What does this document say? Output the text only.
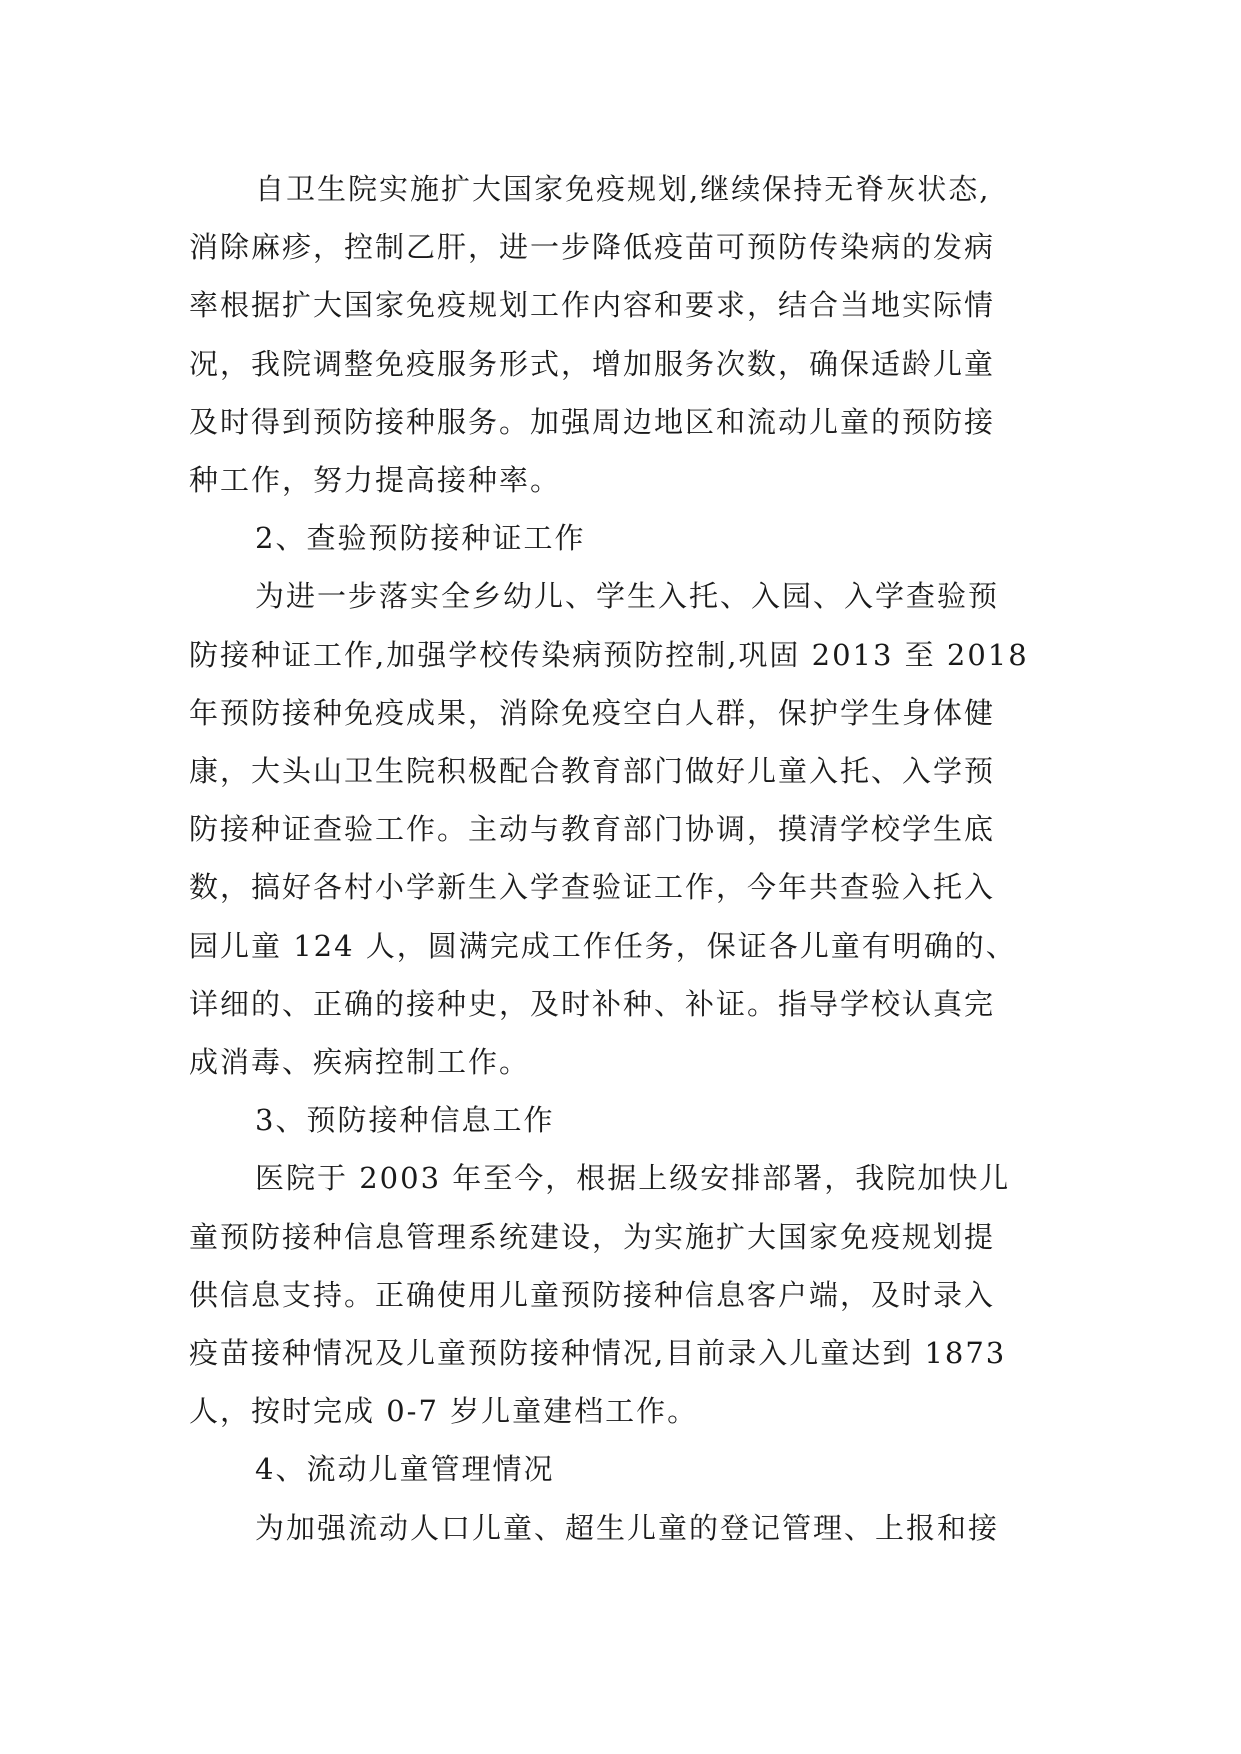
自卫生院实施扩大国家免疫规划,继续保持无脊灰状态,
消除麻疹，控制乙肝，进一步降低疫苗可预防传染病的发病
率根据扩大国家免疫规划工作内容和要求，结合当地实际情
况，我院调整免疫服务形式，增加服务次数，确保适龄儿童
及时得到预防接种服务。加强周边地区和流动儿童的预防接
种工作，努力提高接种率。
2、查验预防接种证工作
为进一步落实全乡幼儿、学生入托、入园、入学查验预
防接种证工作,加强学校传染病预防控制,巩固 2013 至 2018
年预防接种免疫成果，消除免疫空白人群，保护学生身体健
康，大头山卫生院积极配合教育部门做好儿童入托、入学预
防接种证查验工作。主动与教育部门协调，摸清学校学生底
数，搞好各村小学新生入学查验证工作，今年共查验入托入
园儿童 124 人，圆满完成工作任务，保证各儿童有明确的、
详细的、正确的接种史，及时补种、补证。指导学校认真完
成消毒、疾病控制工作。
3、预防接种信息工作
医院于 2003 年至今，根据上级安排部署，我院加快儿
童预防接种信息管理系统建设，为实施扩大国家免疫规划提
供信息支持。正确使用儿童预防接种信息客户端，及时录入
疫苗接种情况及儿童预防接种情况,目前录入儿童达到 1873
人，按时完成 0-7 岁儿童建档工作。
4、流动儿童管理情况
为加强流动人口儿童、超生儿童的登记管理、上报和接
